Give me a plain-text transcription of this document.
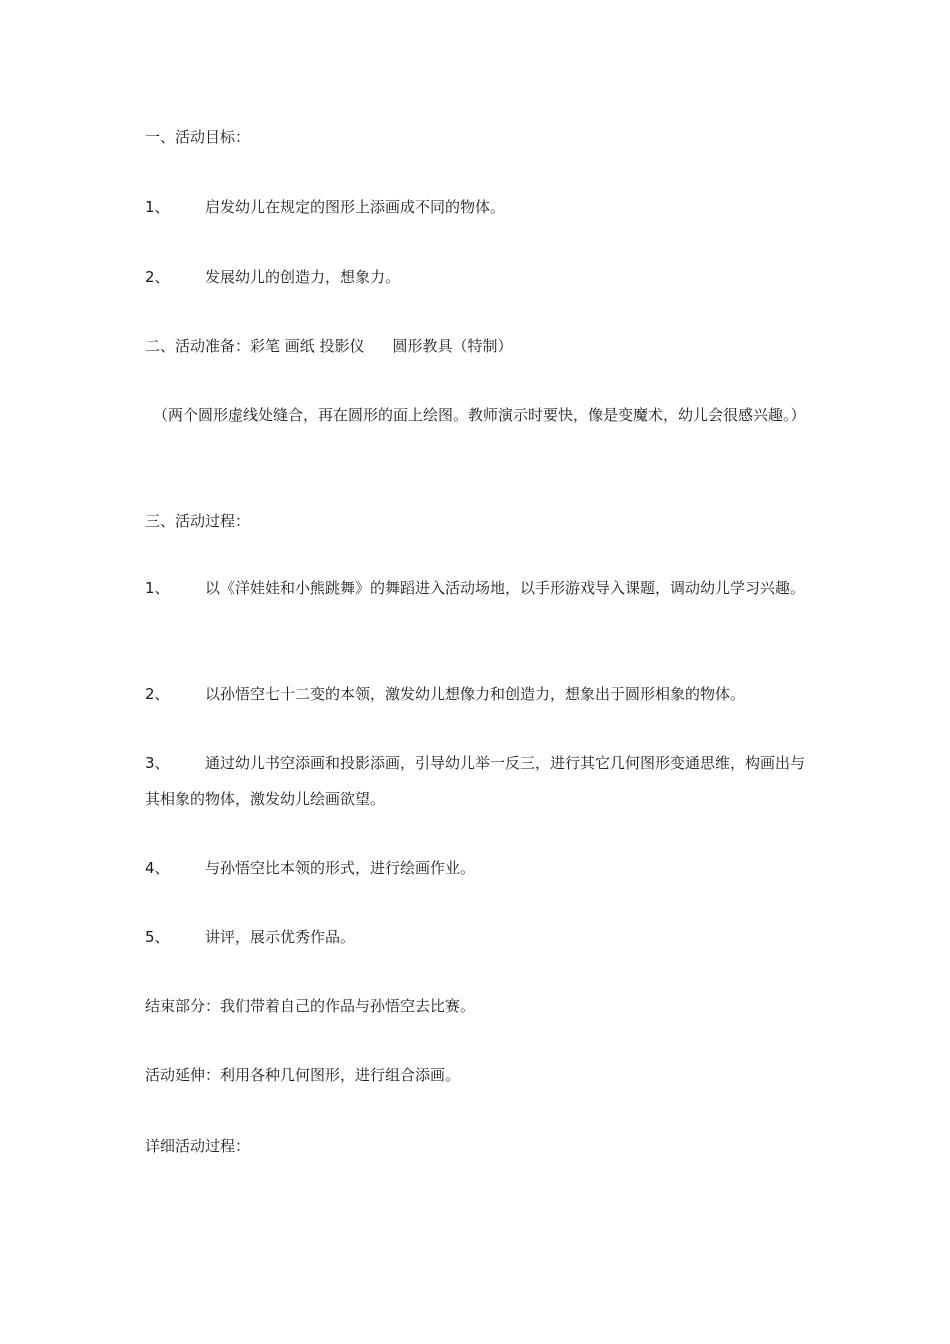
一、活动目标：
1、 启发幼儿在规定的图形上添画成不同的物体。
2、 发展幼儿的创造力，想象力。
二、活动准备：彩笔 画纸 投影仪 圆形教具（特制）
（两个圆形虚线处缝合，再在圆形的面上绘图。教师演示时要快，像是变魔术，幼儿会很感兴趣。）
三、活动过程：
1、 以《洋娃娃和小熊跳舞》的舞蹈进入活动场地，以手形游戏导入课题，调动幼儿学习兴趣。
2、 以孙悟空七十二变的本领，激发幼儿想像力和创造力，想象出于圆形相象的物体。
3、 通过幼儿书空添画和投影添画，引导幼儿举一反三，进行其它几何图形变通思维，构画出与其相象的物体，激发幼儿绘画欲望。
4、 与孙悟空比本领的形式，进行绘画作业。
5、 讲评，展示优秀作品。
结束部分：我们带着自己的作品与孙悟空去比赛。
活动延伸：利用各种几何图形，进行组合添画。
详细活动过程：
